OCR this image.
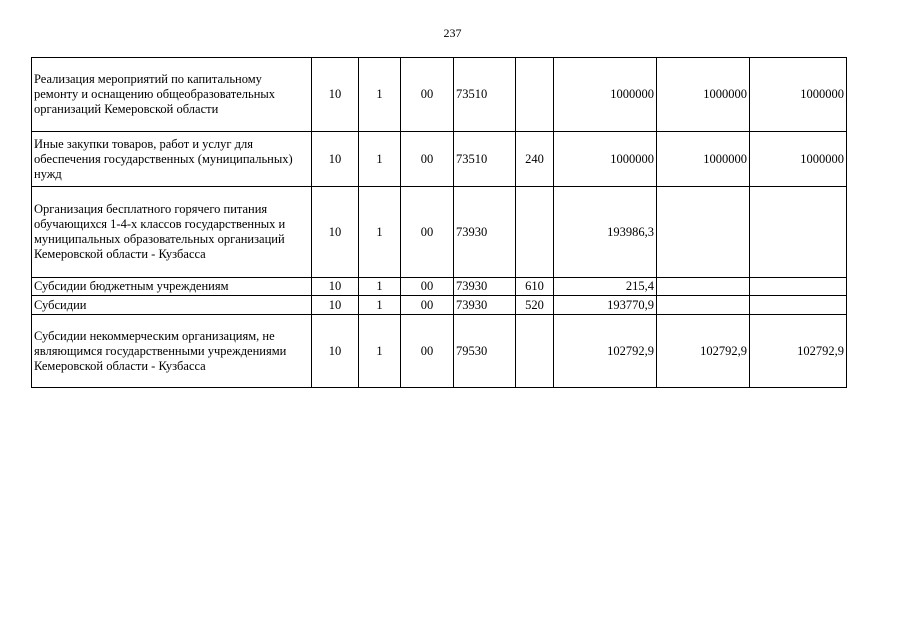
237
Реализация мероприятий по капитальному ремонту и оснащению общеобразовательных организаций Кемеровской области	10	1	00	73510		1000000	1000000	1000000
Иные закупки товаров, работ и услуг для обеспечения государственных (муниципальных) нужд	10	1	00	73510	240	1000000	1000000	1000000
Организация бесплатного горячего питания обучающихся 1-4-х классов государственных и муниципальных образовательных организаций Кемеровской области - Кузбасса	10	1	00	73930		193986,3		
Субсидии бюджетным учреждениям	10	1	00	73930	610	215,4		
Субсидии	10	1	00	73930	520	193770,9		
Субсидии некоммерческим организациям, не являющимся государственными учреждениями Кемеровской области - Кузбасса	10	1	00	79530		102792,9	102792,9	102792,9
